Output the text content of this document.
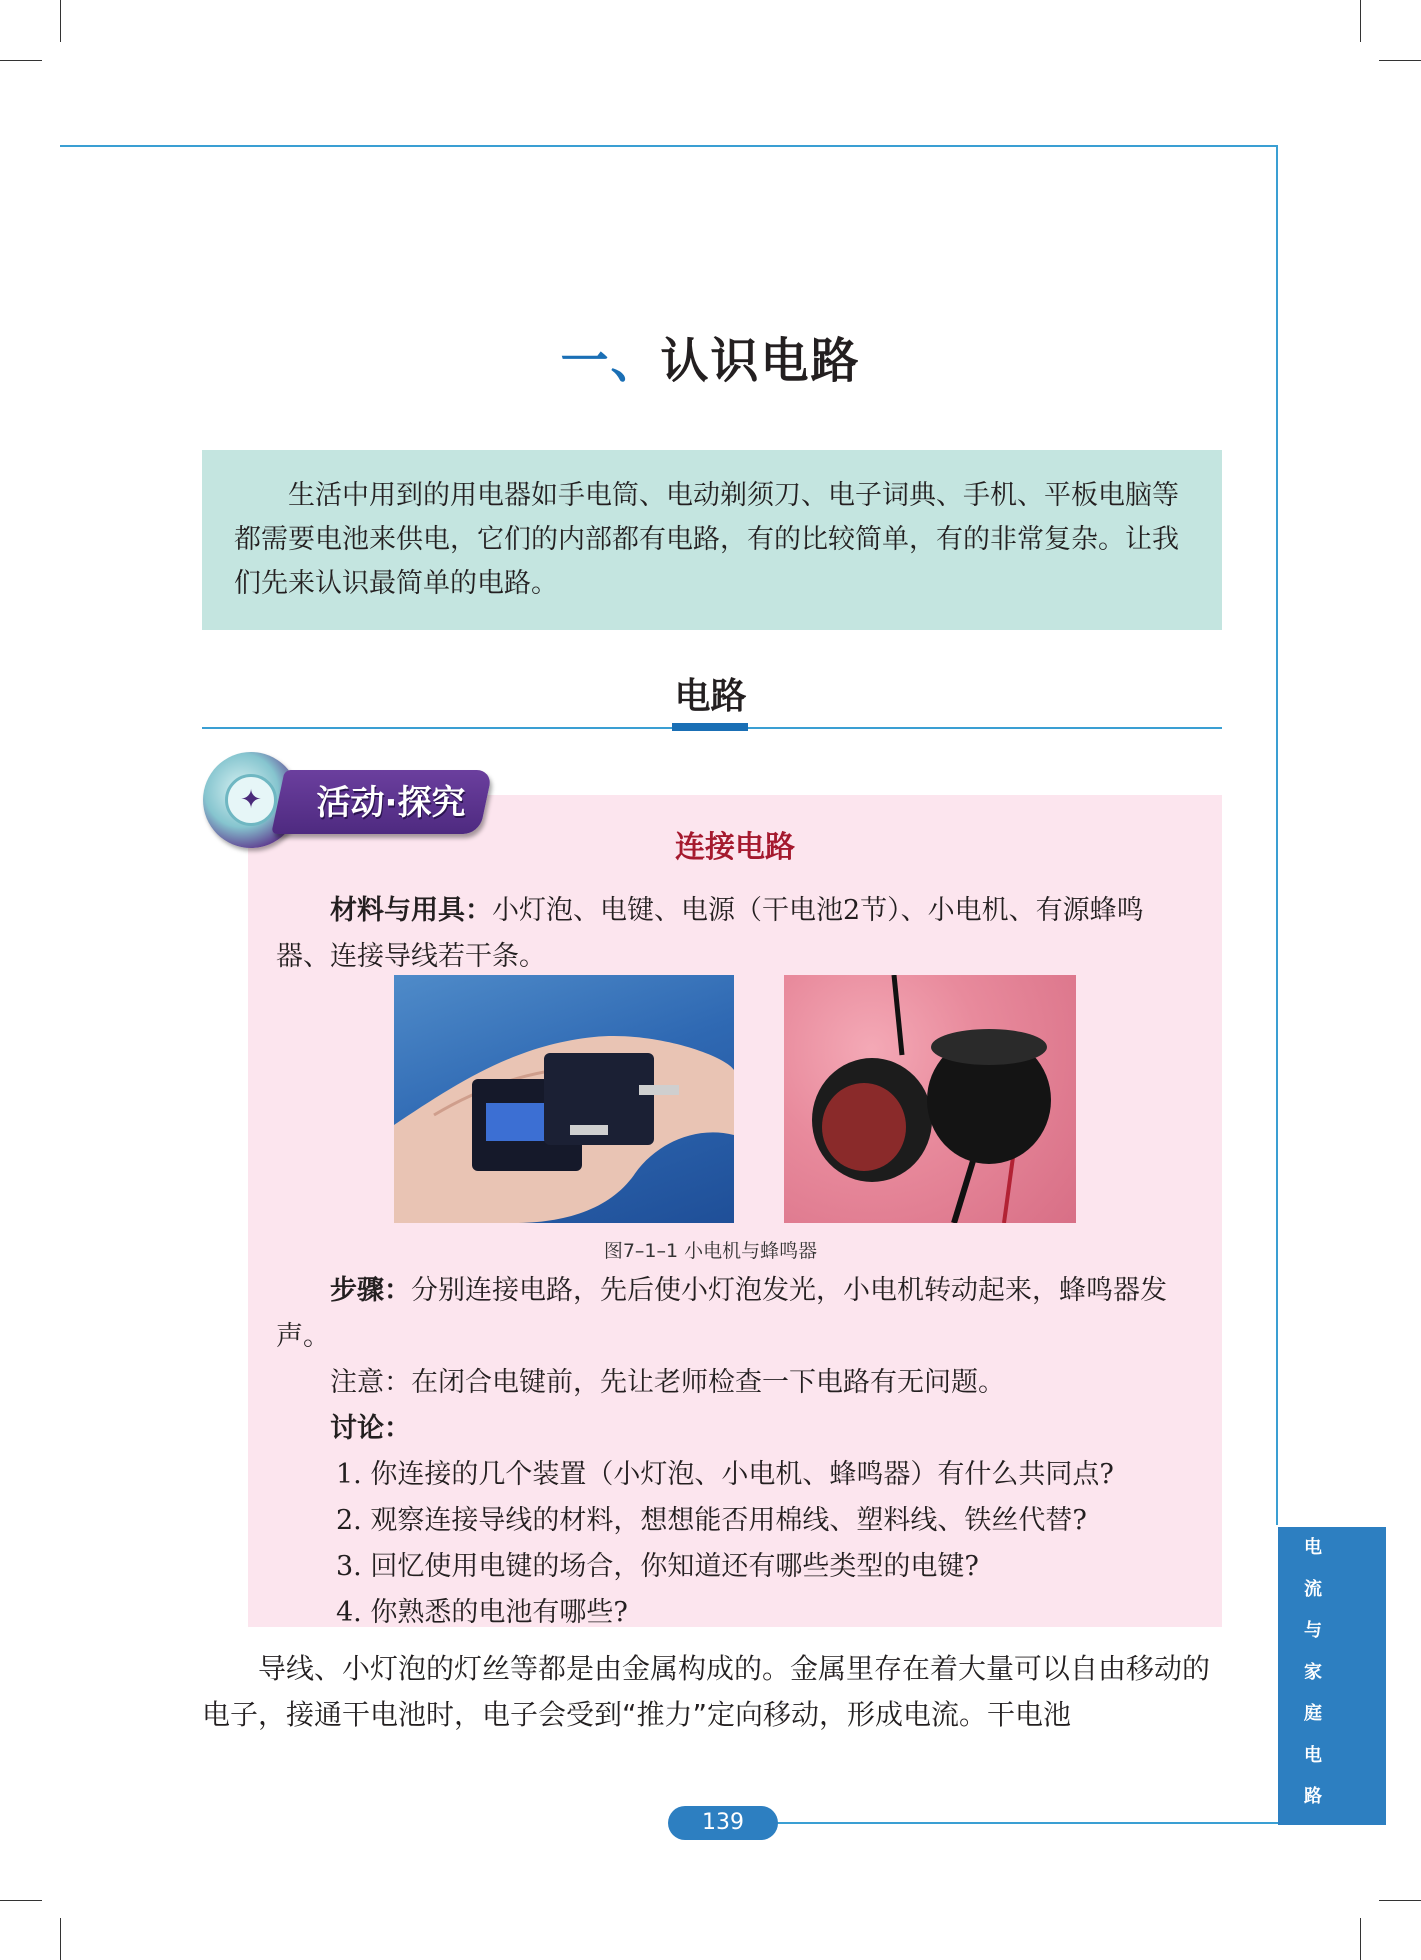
一、认识电路

生活中用到的用电器如手电筒、电动剃须刀、电子词典、手机、平板电脑等都需要电池来供电，它们的内部都有电路，有的比较简单，有的非常复杂。让我们先来认识最简单的电路。

电路
✦	活动·探究
连接电路

材料与用具：小灯泡、电键、电源（干电池2节）、小电机、有源蜂鸣器、连接导线若干条。

图7–1–1 小电机与蜂鸣器

步骤：分别连接电路，先后使小灯泡发光，小电机转动起来，蜂鸣器发声。

注意：在闭合电键前，先让老师检查一下电路有无问题。

讨论：

1. 你连接的几个装置（小灯泡、小电机、蜂鸣器）有什么共同点?

2. 观察连接导线的材料，想想能否用棉线、塑料线、铁丝代替?

3. 回忆使用电键的场合，你知道还有哪些类型的电键?

4. 你熟悉的电池有哪些?

导线、小灯泡的灯丝等都是由金属构成的。金属里存在着大量可以自由移动的电子，接通干电池时，电子会受到“推力”定向移动，形成电流。干电池

139
电
流
与
家
庭
电
路
